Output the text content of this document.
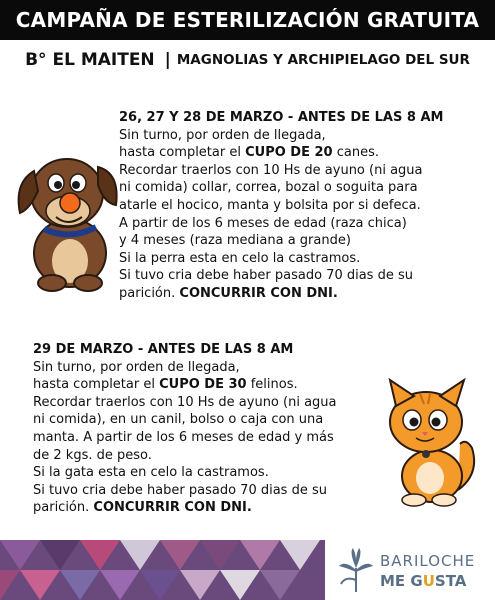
CAMPAÑA DE ESTERILIZACIÓN GRATUITA
B° EL MAITEN | MAGNOLIAS Y ARCHIPIELAGO DEL SUR
26, 27 Y 28 DE MARZO - ANTES DE LAS 8 AM
Sin turno, por orden de llegada,
hasta completar el CUPO DE 20 canes.
Recordar traerlos con 10 Hs de ayuno (ni agua
ni comida) collar, correa, bozal o soguita para
atarle el hocico, manta y bolsita por si defeca.
A partir de los 6 meses de edad (raza chica)
y 4 meses (raza mediana a grande)
Si la perra esta en celo la castramos.
Si tuvo cria debe haber pasado 70 dias de su
parición. CONCURRIR CON DNI.
29 DE MARZO - ANTES DE LAS 8 AM
Sin turno, por orden de llegada,
hasta completar el CUPO DE 30 felinos.
Recordar traerlos con 10 Hs de ayuno (ni agua
ni comida), en un canil, bolso o caja con una
manta. A partir de los 6 meses de edad y más
de 2 kgs. de peso.
Si la gata esta en celo la castramos.
Si tuvo cria debe haber pasado 70 dias de su
parición. CONCURRIR CON DNI.
BARILOCHE
ME GUSTA
